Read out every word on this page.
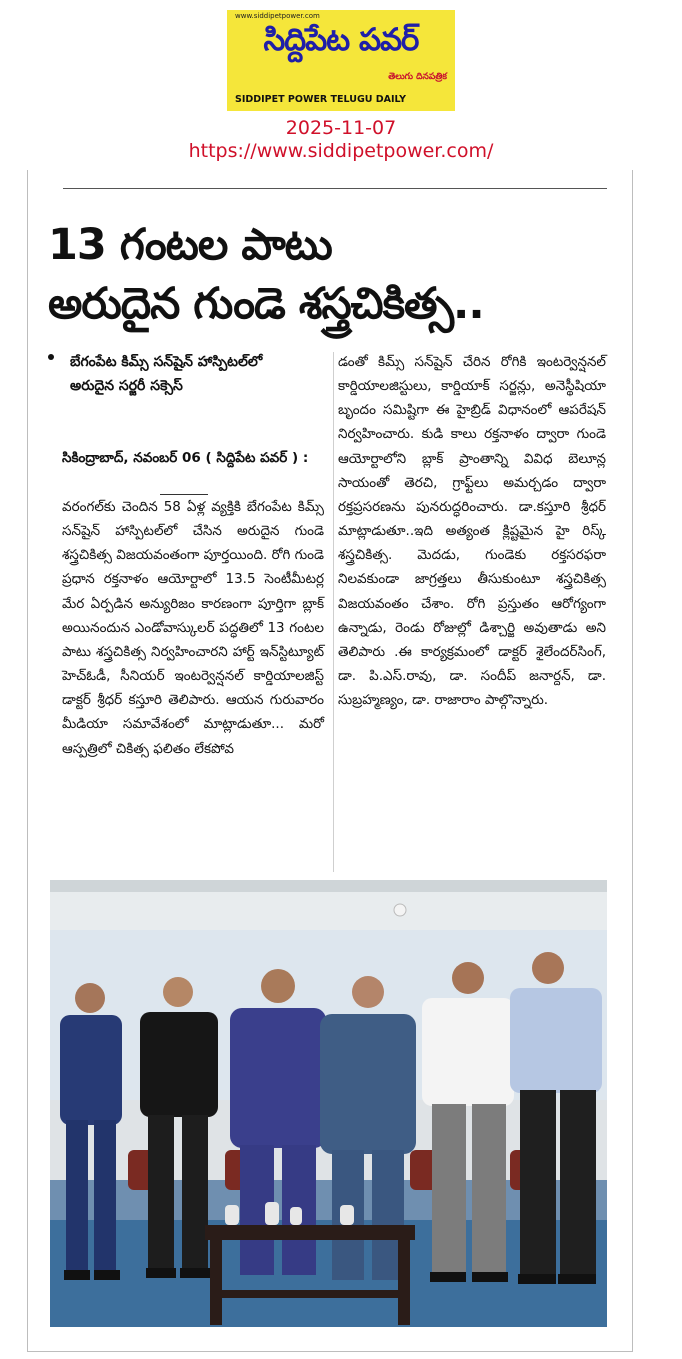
www.siddipetpower.com
సిద్దిపేట పవర్
తెలుగు దినపత్రిక
SIDDIPET POWER TELUGU DAILY
2025-11-07
https://www.siddipetpower.com/
13 గంటల పాటు
అరుదైన గుండె శస్త్రచికిత్స..
బేగంపేట కిమ్స్ సన్‌షైన్ హాస్పిటల్‌లో అరుదైన సర్జరీ సక్సెస్
సికింద్రాబాద్, నవంబర్ 06 ( సిద్దిపేట పవర్ ) :
వరంగల్‌కు చెందిన 58 ఏళ్ల వ్యక్తికి బేగంపేట కిమ్స్ సన్‌షైన్ హాస్పిటల్‌లో చేసిన అరుదైన గుండె శస్త్రచికిత్స విజయవంతంగా పూర్తయింది. రోగి గుండె ప్రధాన రక్తనాళం ఆయోర్టాలో 13.5 సెంటీమీటర్ల మేర ఏర్పడిన అన్యురిజం కారణంగా పూర్తిగా బ్లాక్ అయినందున ఎండోవాస్కులర్ పద్ధతిలో 13 గంటల పాటు శస్త్రచికిత్స నిర్వహించారని హార్ట్ ఇన్‌స్టిట్యూట్ హెచ్ఓడీ, సీనియర్ ఇంటర్వెన్షనల్ కార్డియాలజిస్ట్ డాక్టర్ శ్రీధర్ కస్తూరి తెలిపారు. ఆయన గురువారం మీడియా సమావేశంలో మాట్లాడుతూ... మరో ఆస్పత్రిలో చికిత్స ఫలితం లేకపోవ
డంతో కిమ్స్ సన్‌షైన్ చేరిన రోగికి ఇంటర్వెన్షనల్ కార్డియాలజిస్టులు, కార్డియాక్ సర్జన్లు, అనెస్థీషియా బృందం సమిష్టిగా ఈ హైబ్రిడ్ విధానంలో ఆపరేషన్ నిర్వహించారు. కుడి కాలు రక్తనాళం ద్వారా గుండె ఆయోర్టాలోని బ్లాక్ ప్రాంతాన్ని వివిధ బెలూన్ల సాయంతో తెరచి, గ్రాఫ్ట్‌లు అమర్చడం ద్వారా రక్తప్రసరణను పునరుద్ధరించారు. డా.కస్తూరి శ్రీధర్ మాట్లాడుతూ..ఇది అత్యంత క్లిష్టమైన హై రిస్క్ శస్త్రచికిత్స. మెదడు, గుండెకు రక్తసరఫరా నిలవకుండా జాగ్రత్తలు తీసుకుంటూ శస్త్రచికిత్స విజయవంతం చేశాం. రోగి ప్రస్తుతం ఆరోగ్యంగా ఉన్నాడు, రెండు రోజుల్లో డిశ్చార్జి అవుతాడు అని తెలిపారు .ఈ కార్యక్రమంలో డాక్టర్ శైలేందర్‌సింగ్, డా. పి.ఎస్.రావు, డా. సందీప్ జనార్దన్, డా. సుబ్రహ్మణ్యం, డా. రాజారాం పాల్గొన్నారు.
